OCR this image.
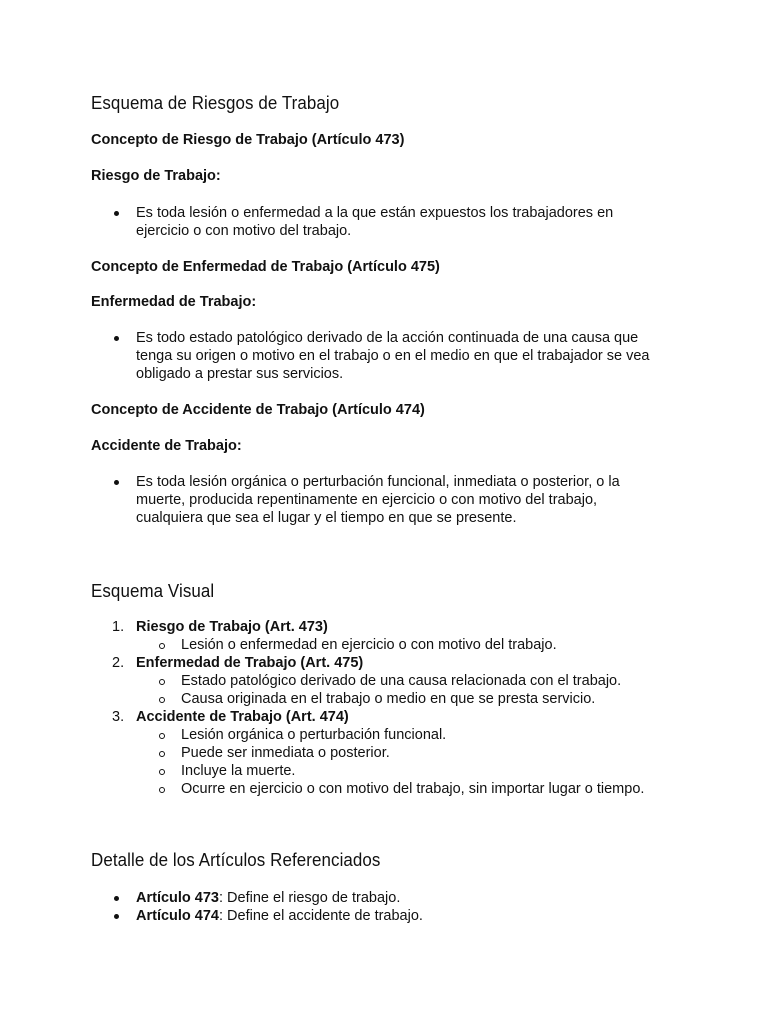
Esquema de Riesgos de Trabajo
Concepto de Riesgo de Trabajo (Artículo 473)
Riesgo de Trabajo:
Es toda lesión o enfermedad a la que están expuestos los trabajadores en
ejercicio o con motivo del trabajo.
Concepto de Enfermedad de Trabajo (Artículo 475)
Enfermedad de Trabajo:
Es todo estado patológico derivado de la acción continuada de una causa que
tenga su origen o motivo en el trabajo o en el medio en que el trabajador se vea
obligado a prestar sus servicios.
Concepto de Accidente de Trabajo (Artículo 474)
Accidente de Trabajo:
Es toda lesión orgánica o perturbación funcional, inmediata o posterior, o la
muerte, producida repentinamente en ejercicio o con motivo del trabajo,
cualquiera que sea el lugar y el tiempo en que se presente.
Esquema Visual
1. Riesgo de Trabajo (Art. 473)
Lesión o enfermedad en ejercicio o con motivo del trabajo.
2. Enfermedad de Trabajo (Art. 475)
Estado patológico derivado de una causa relacionada con el trabajo.
Causa originada en el trabajo o medio en que se presta servicio.
3. Accidente de Trabajo (Art. 474)
Lesión orgánica o perturbación funcional.
Puede ser inmediata o posterior.
Incluye la muerte.
Ocurre en ejercicio o con motivo del trabajo, sin importar lugar o tiempo.
Detalle de los Artículos Referenciados
Artículo 473: Define el riesgo de trabajo.
Artículo 474: Define el accidente de trabajo.
